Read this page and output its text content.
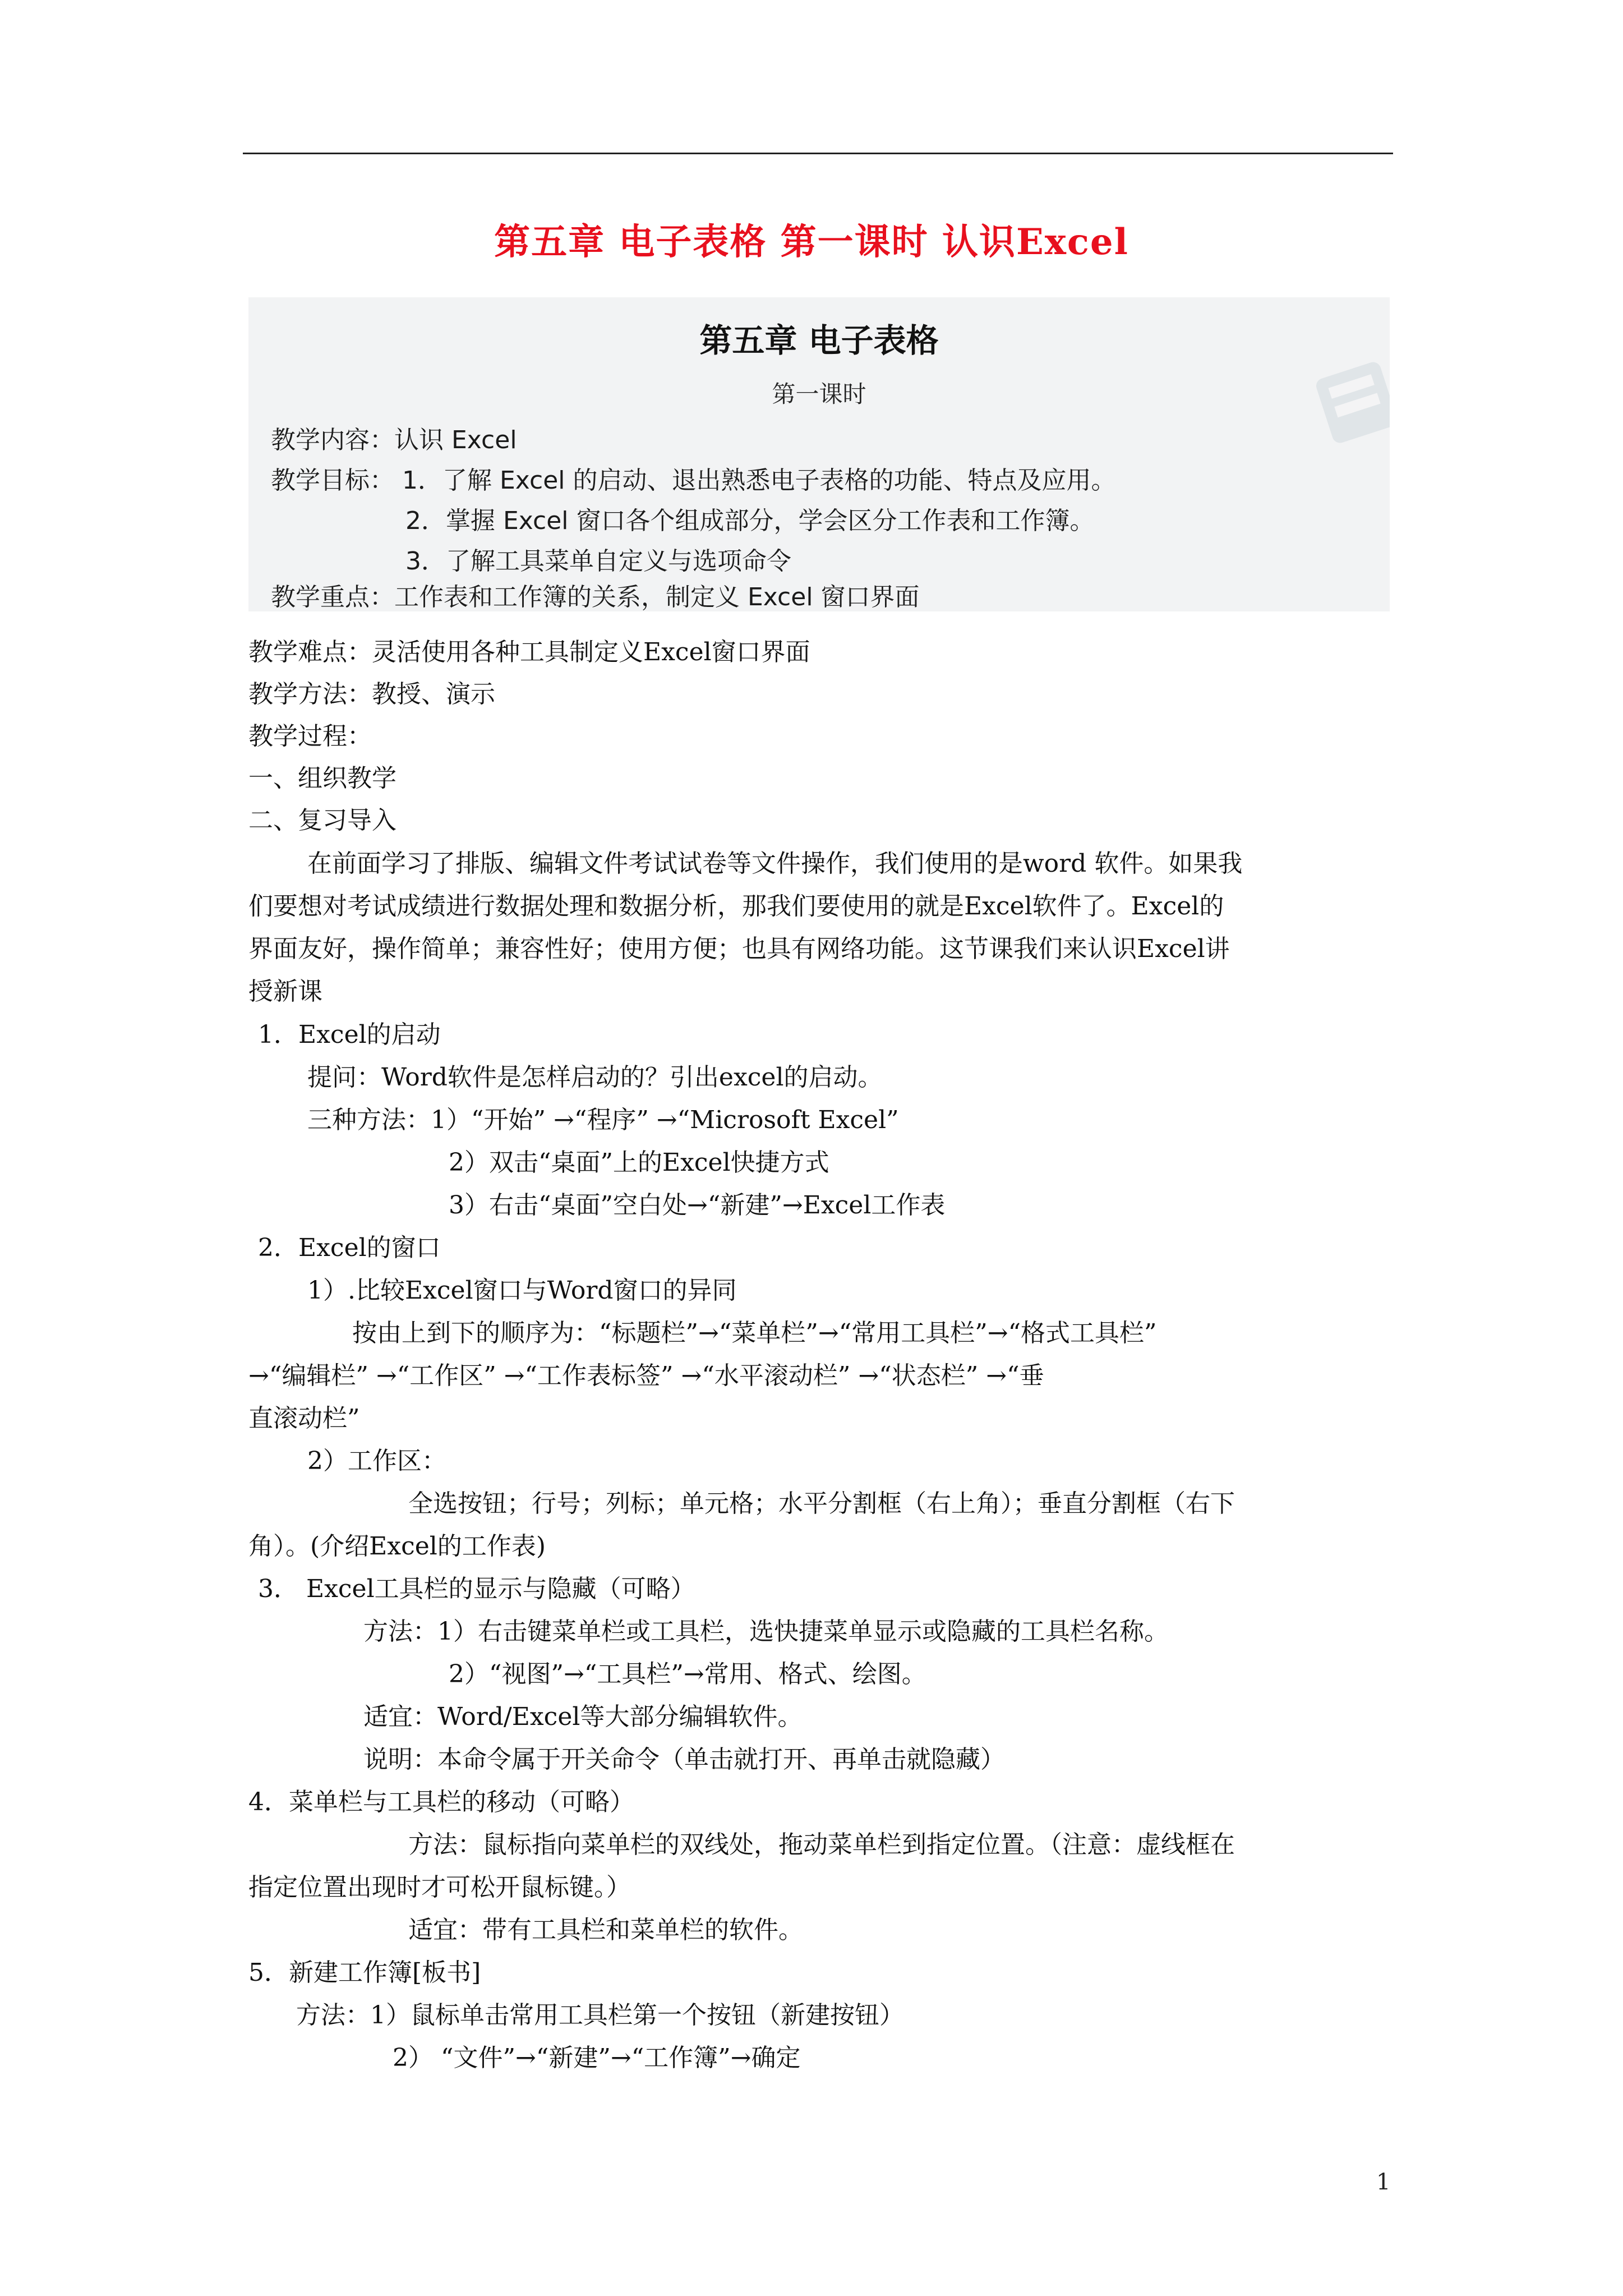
第五章 电子表格 第一课时 认识Excel
第五章 电子表格
第一课时
教学内容：认识 Excel
教学目标： 1．了解 Excel 的启动、退出熟悉电子表格的功能、特点及应用。
2．掌握 Excel 窗口各个组成部分，学会区分工作表和工作簿。
3．了解工具菜单自定义与选项命令
教学重点：工作表和工作簿的关系，制定义 Excel 窗口界面
教学难点：灵活使用各种工具制定义Excel窗口界面
教学方法：教授、演示
教学过程：
一、组织教学
二、复习导入
在前面学习了排版、编辑文件考试试卷等文件操作，我们使用的是word 软件。如果我
们要想对考试成绩进行数据处理和数据分析，那我们要使用的就是Excel软件了。Excel的
界面友好，操作简单；兼容性好；使用方便；也具有网络功能。这节课我们来认识Excel讲
授新课
1．Excel的启动
提问：Word软件是怎样启动的？引出excel的启动。
三种方法：1）“开始” →“程序” →“Microsoft Excel”
2）双击“桌面”上的Excel快捷方式
3）右击“桌面”空白处→“新建”→Excel工作表
2．Excel的窗口
1）.比较Excel窗口与Word窗口的异同
按由上到下的顺序为：“标题栏”→“菜单栏”→“常用工具栏”→“格式工具栏”
→“编辑栏” →“工作区” →“工作表标签” →“水平滚动栏” →“状态栏” →“垂
直滚动栏”
2）工作区：
全选按钮；行号；列标；单元格；水平分割框（右上角）；垂直分割框（右下
角）。(介绍Excel的工作表)
3． Excel工具栏的显示与隐藏（可略）
方法：1）右击键菜单栏或工具栏，选快捷菜单显示或隐藏的工具栏名称。
2）“视图”→“工具栏”→常用、格式、绘图。
适宜：Word/Excel等大部分编辑软件。
说明：本命令属于开关命令（单击就打开、再单击就隐藏）
4．菜单栏与工具栏的移动（可略）
方法：鼠标指向菜单栏的双线处，拖动菜单栏到指定位置。（注意：虚线框在
指定位置出现时才可松开鼠标键。）
适宜：带有工具栏和菜单栏的软件。
5．新建工作簿[板书]
方法：1）鼠标单击常用工具栏第一个按钮（新建按钮）
2） “文件”→“新建”→“工作簿”→确定
1
